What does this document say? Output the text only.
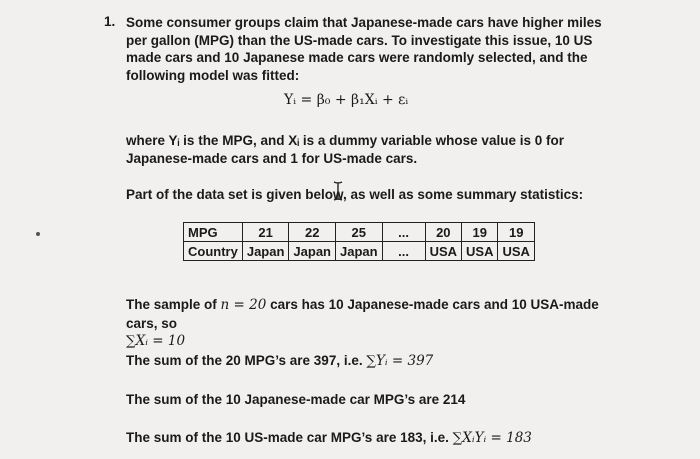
1. Some consumer groups claim that Japanese-made cars have higher miles per gallon (MPG) than the US-made cars. To investigate this issue, 10 US made cars and 10 Japanese made cars were randomly selected, and the following model was fitted:
Yᵢ = β₀ + β₁Xᵢ + εᵢ
where Yᵢ is the MPG, and Xᵢ is a dummy variable whose value is 0 for Japanese-made cars and 1 for US-made cars.
Part of the data set is given below, as well as some summary statistics:
MPG	21	22	25	...	20	19	19
Country	Japan	Japan	Japan	...	USA	USA	USA
The sample of n = 20 cars has 10 Japanese-made cars and 10 USA-made cars, so
∑Xᵢ = 10
The sum of the 20 MPG’s are 397, i.e. ∑Yᵢ = 397
The sum of the 10 Japanese-made car MPG’s are 214
The sum of the 10 US-made car MPG’s are 183, i.e. ∑XᵢYᵢ = 183
